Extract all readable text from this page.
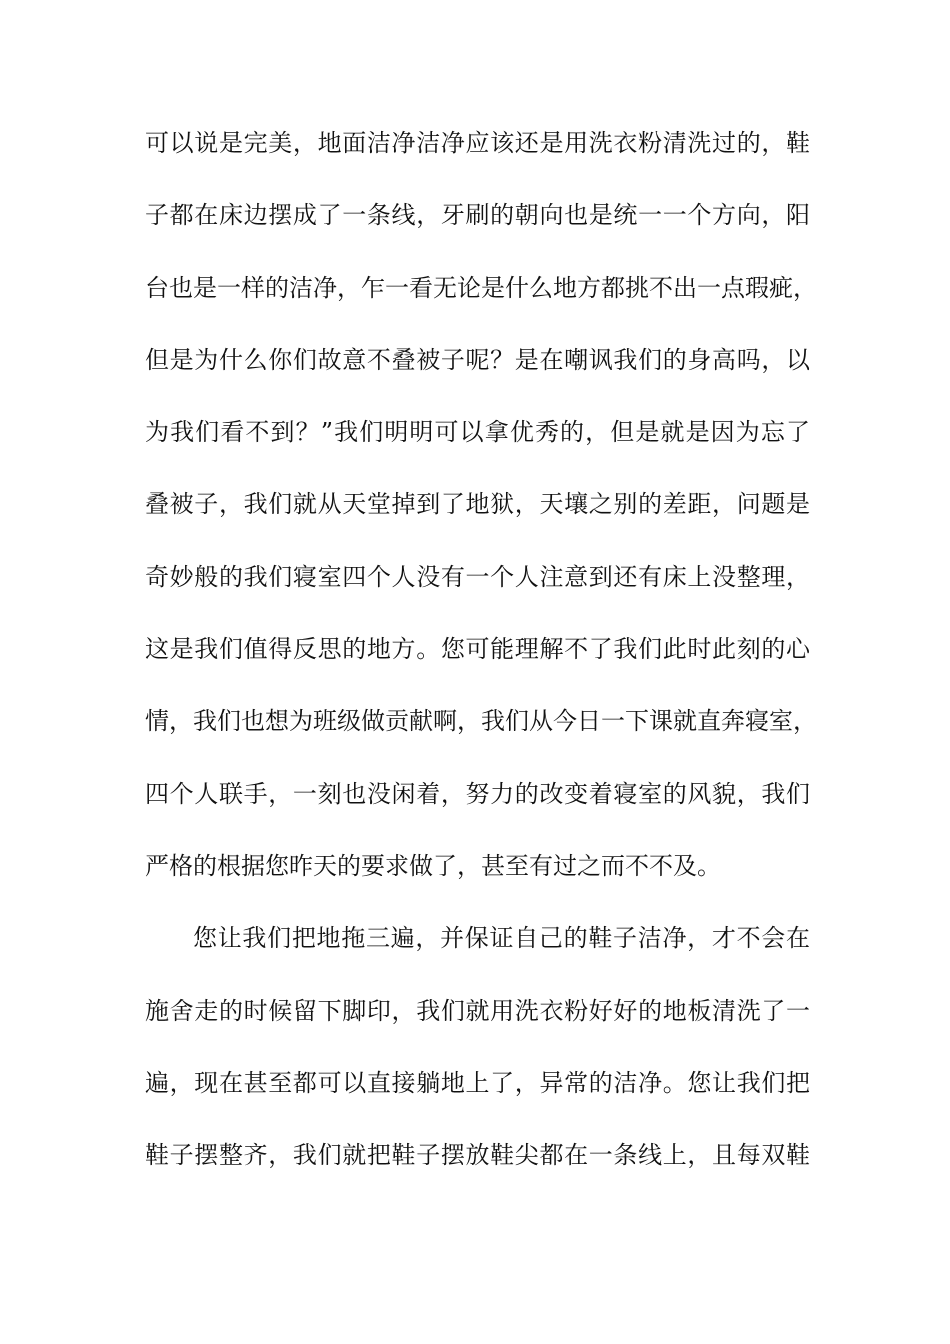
可以说是完美，地面洁净洁净应该还是用洗衣粉清洗过的，鞋
子都在床边摆成了一条线，牙刷的朝向也是统一一个方向，阳
台也是一样的洁净，乍一看无论是什么地方都挑不出一点瑕疵，
但是为什么你们故意不叠被子呢？是在嘲讽我们的身高吗，以
为我们看不到？”我们明明可以拿优秀的，但是就是因为忘了
叠被子，我们就从天堂掉到了地狱，天壤之别的差距，问题是
奇妙般的我们寝室四个人没有一个人注意到还有床上没整理，
这是我们值得反思的地方。您可能理解不了我们此时此刻的心
情，我们也想为班级做贡献啊，我们从今日一下课就直奔寝室，
四个人联手，一刻也没闲着，努力的改变着寝室的风貌，我们
严格的根据您昨天的要求做了，甚至有过之而不不及。
您让我们把地拖三遍，并保证自己的鞋子洁净，才不会在
施舍走的时候留下脚印，我们就用洗衣粉好好的地板清洗了一
遍，现在甚至都可以直接躺地上了，异常的洁净。您让我们把
鞋子摆整齐，我们就把鞋子摆放鞋尖都在一条线上，且每双鞋
